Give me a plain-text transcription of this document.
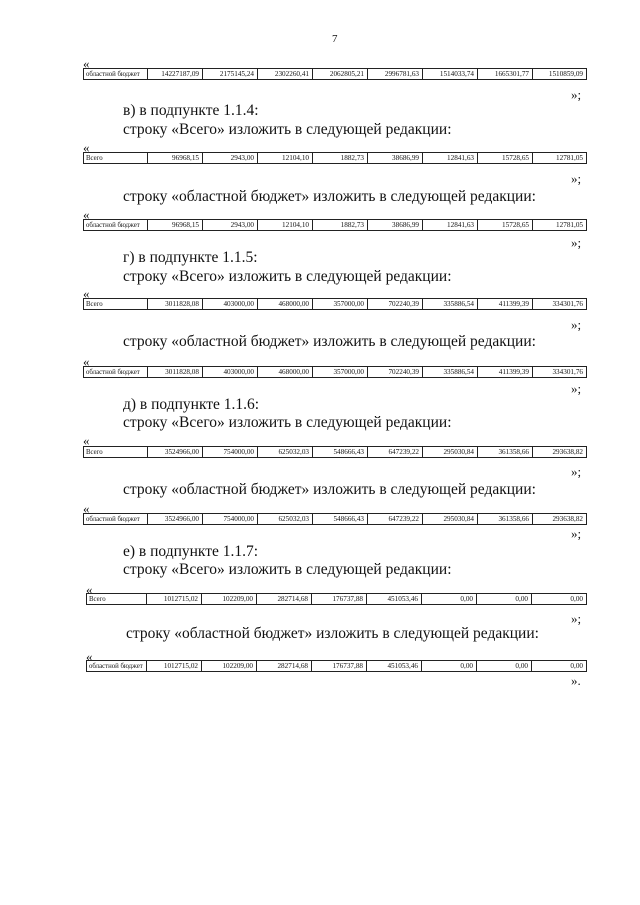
7
«
областной бюджет	14227187,09	2175145,24	2302260,41	2062805,21	2996781,63	1514033,74	1665301,77	1510859,09
»;
в) в подпункте 1.1.4:
строку «Всего» изложить в следующей редакции:
«
Всего	96968,15	2943,00	12104,10	1882,73	38686,99	12841,63	15728,65	12781,05
»;
строку «областной бюджет» изложить в следующей редакции:
«
областной бюджет	96968,15	2943,00	12104,10	1882,73	38686,99	12841,63	15728,65	12781,05
»;
г) в подпункте 1.1.5:
строку «Всего» изложить в следующей редакции:
«
Всего	3011828,08	403000,00	468000,00	357000,00	702240,39	335886,54	411399,39	334301,76
»;
строку «областной бюджет» изложить в следующей редакции:
«
областной бюджет	3011828,08	403000,00	468000,00	357000,00	702240,39	335886,54	411399,39	334301,76
»;
д) в подпункте 1.1.6:
строку «Всего» изложить в следующей редакции:
«
Всего	3524966,00	754000,00	625032,03	548666,43	647239,22	295030,84	361358,66	293638,82
»;
строку «областной бюджет» изложить в следующей редакции:
«
областной бюджет	3524966,00	754000,00	625032,03	548666,43	647239,22	295030,84	361358,66	293638,82
»;
е) в подпункте 1.1.7:
строку «Всего» изложить в следующей редакции:
«
Всего	1012715,02	102209,00	282714,68	176737,88	451053,46	0,00	0,00	0,00
»;
строку «областной бюджет» изложить в следующей редакции:
«
областной бюджет	1012715,02	102209,00	282714,68	176737,88	451053,46	0,00	0,00	0,00
».
